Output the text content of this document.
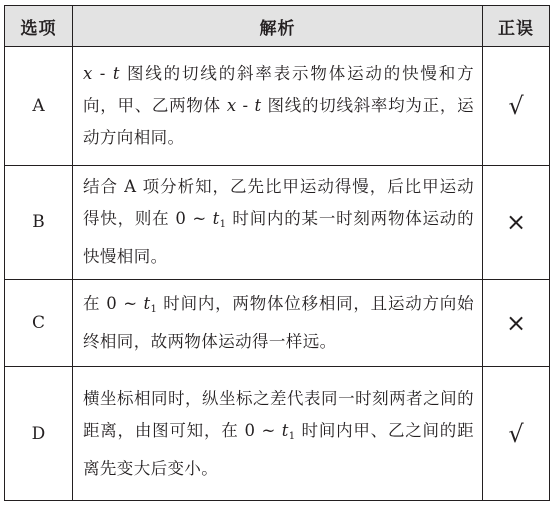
选项	解析	正误
A	x - t 图线的切线的斜率表示物体运动的快慢和方向，甲、乙两物体 x - t 图线的切线斜率均为正，运动方向相同。	√
B	结合 A 项分析知，乙先比甲运动得慢，后比甲运动得快，则在 0 ~ $t_1$ 时间内的某一时刻两物体运动的快慢相同。	×
C	在 0 ~ $t_1$ 时间内，两物体位移相同，且运动方向始终相同，故两物体运动得一样远。	×
D	横坐标相同时，纵坐标之差代表同一时刻两者之间的距离，由图可知，在 0 ~ $t_1$ 时间内甲、乙之间的距离先变大后变小。	√
